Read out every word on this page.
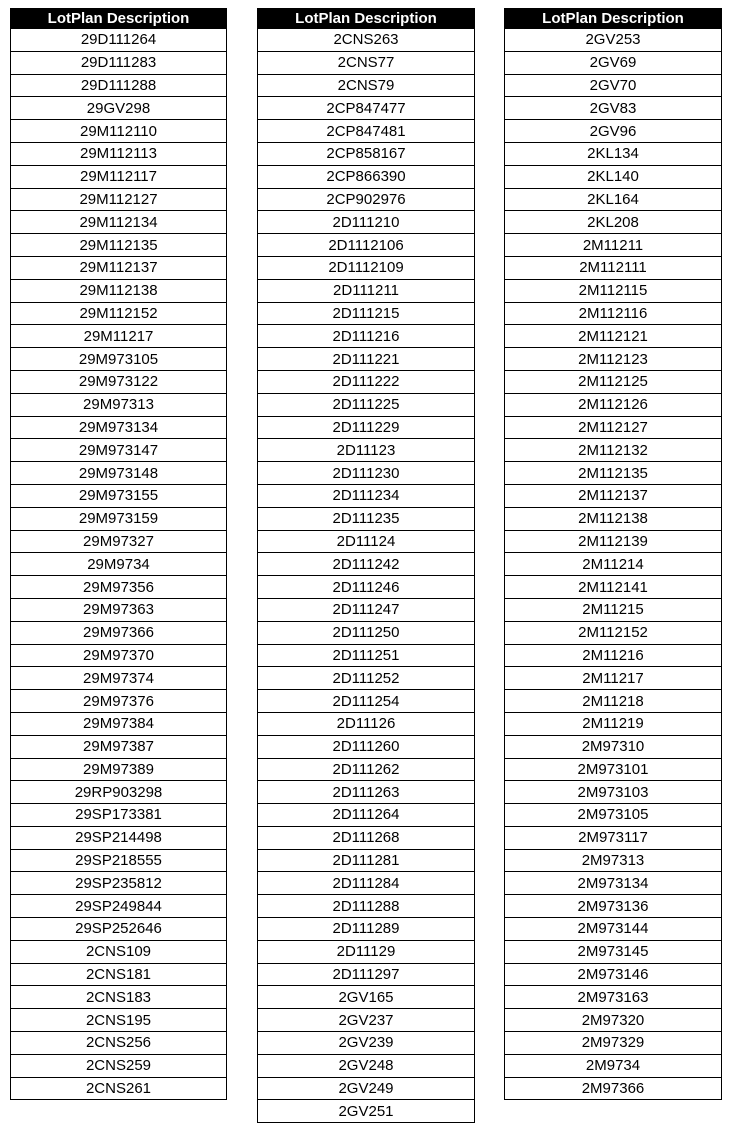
LotPlan Description
29D111264
29D111283
29D111288
29GV298
29M112110
29M112113
29M112117
29M112127
29M112134
29M112135
29M112137
29M112138
29M112152
29M11217
29M973105
29M973122
29M97313
29M973134
29M973147
29M973148
29M973155
29M973159
29M97327
29M9734
29M97356
29M97363
29M97366
29M97370
29M97374
29M97376
29M97384
29M97387
29M97389
29RP903298
29SP173381
29SP214498
29SP218555
29SP235812
29SP249844
29SP252646
2CNS109
2CNS181
2CNS183
2CNS195
2CNS256
2CNS259
2CNS261
LotPlan Description
2CNS263
2CNS77
2CNS79
2CP847477
2CP847481
2CP858167
2CP866390
2CP902976
2D111210
2D1112106
2D1112109
2D111211
2D111215
2D111216
2D111221
2D111222
2D111225
2D111229
2D11123
2D111230
2D111234
2D111235
2D11124
2D111242
2D111246
2D111247
2D111250
2D111251
2D111252
2D111254
2D11126
2D111260
2D111262
2D111263
2D111264
2D111268
2D111281
2D111284
2D111288
2D111289
2D11129
2D111297
2GV165
2GV237
2GV239
2GV248
2GV249
2GV251
LotPlan Description
2GV253
2GV69
2GV70
2GV83
2GV96
2KL134
2KL140
2KL164
2KL208
2M11211
2M112111
2M112115
2M112116
2M112121
2M112123
2M112125
2M112126
2M112127
2M112132
2M112135
2M112137
2M112138
2M112139
2M11214
2M112141
2M11215
2M112152
2M11216
2M11217
2M11218
2M11219
2M97310
2M973101
2M973103
2M973105
2M973117
2M97313
2M973134
2M973136
2M973144
2M973145
2M973146
2M973163
2M97320
2M97329
2M9734
2M97366
